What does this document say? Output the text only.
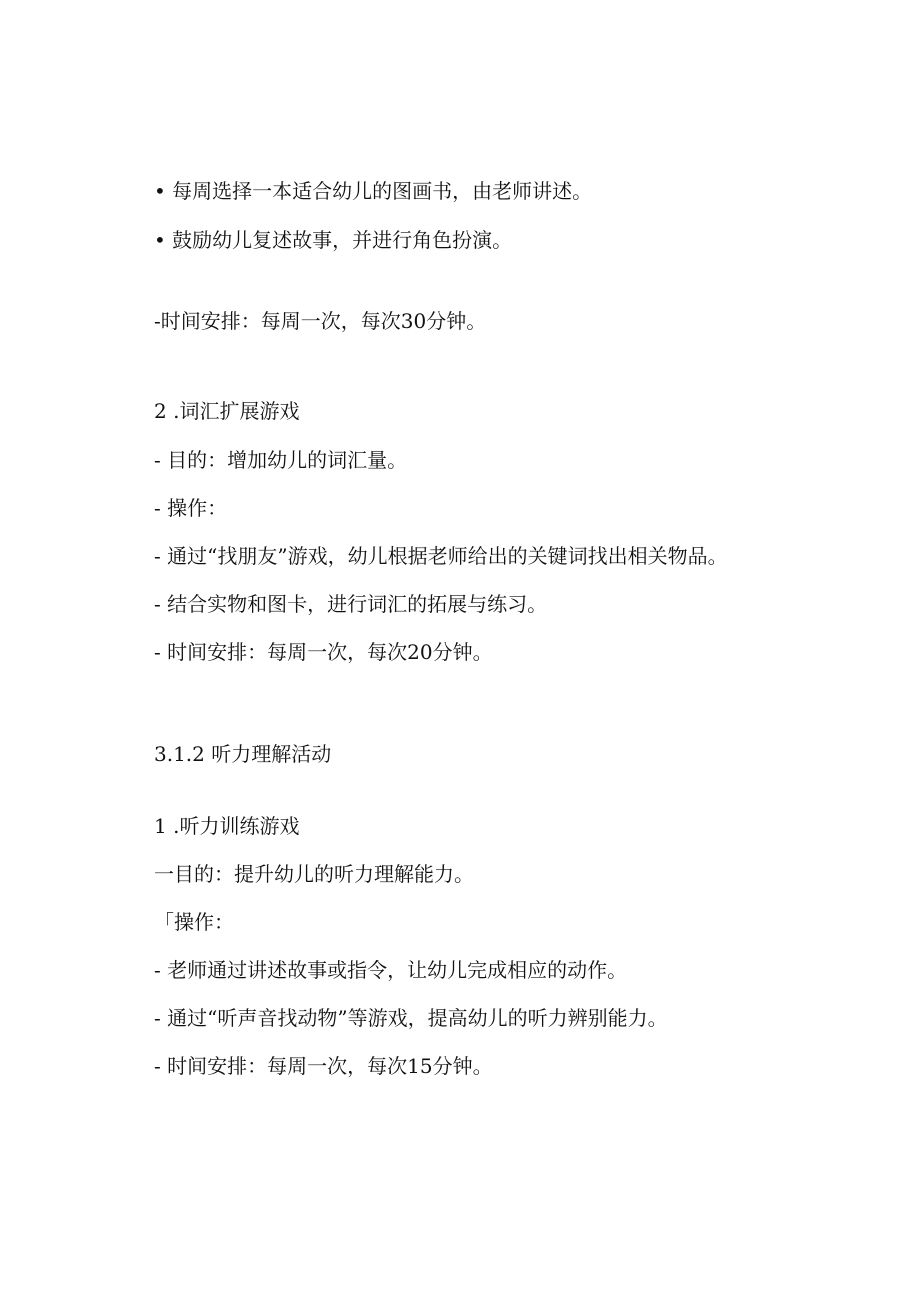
• 每周选择一本适合幼儿的图画书，由老师讲述。
• 鼓励幼儿复述故事，并进行角色扮演。
-时间安排：每周一次，每次30分钟。
2 .词汇扩展游戏
- 目的：增加幼儿的词汇量。
- 操作：
- 通过“找朋友”游戏，幼儿根据老师给出的关键词找出相关物品。
- 结合实物和图卡，进行词汇的拓展与练习。
- 时间安排：每周一次，每次20分钟。
3.1.2 听力理解活动
1 .听力训练游戏
一目的：提升幼儿的听力理解能力。
「操作：
- 老师通过讲述故事或指令，让幼儿完成相应的动作。
- 通过“听声音找动物”等游戏，提高幼儿的听力辨别能力。
- 时间安排：每周一次，每次15分钟。
